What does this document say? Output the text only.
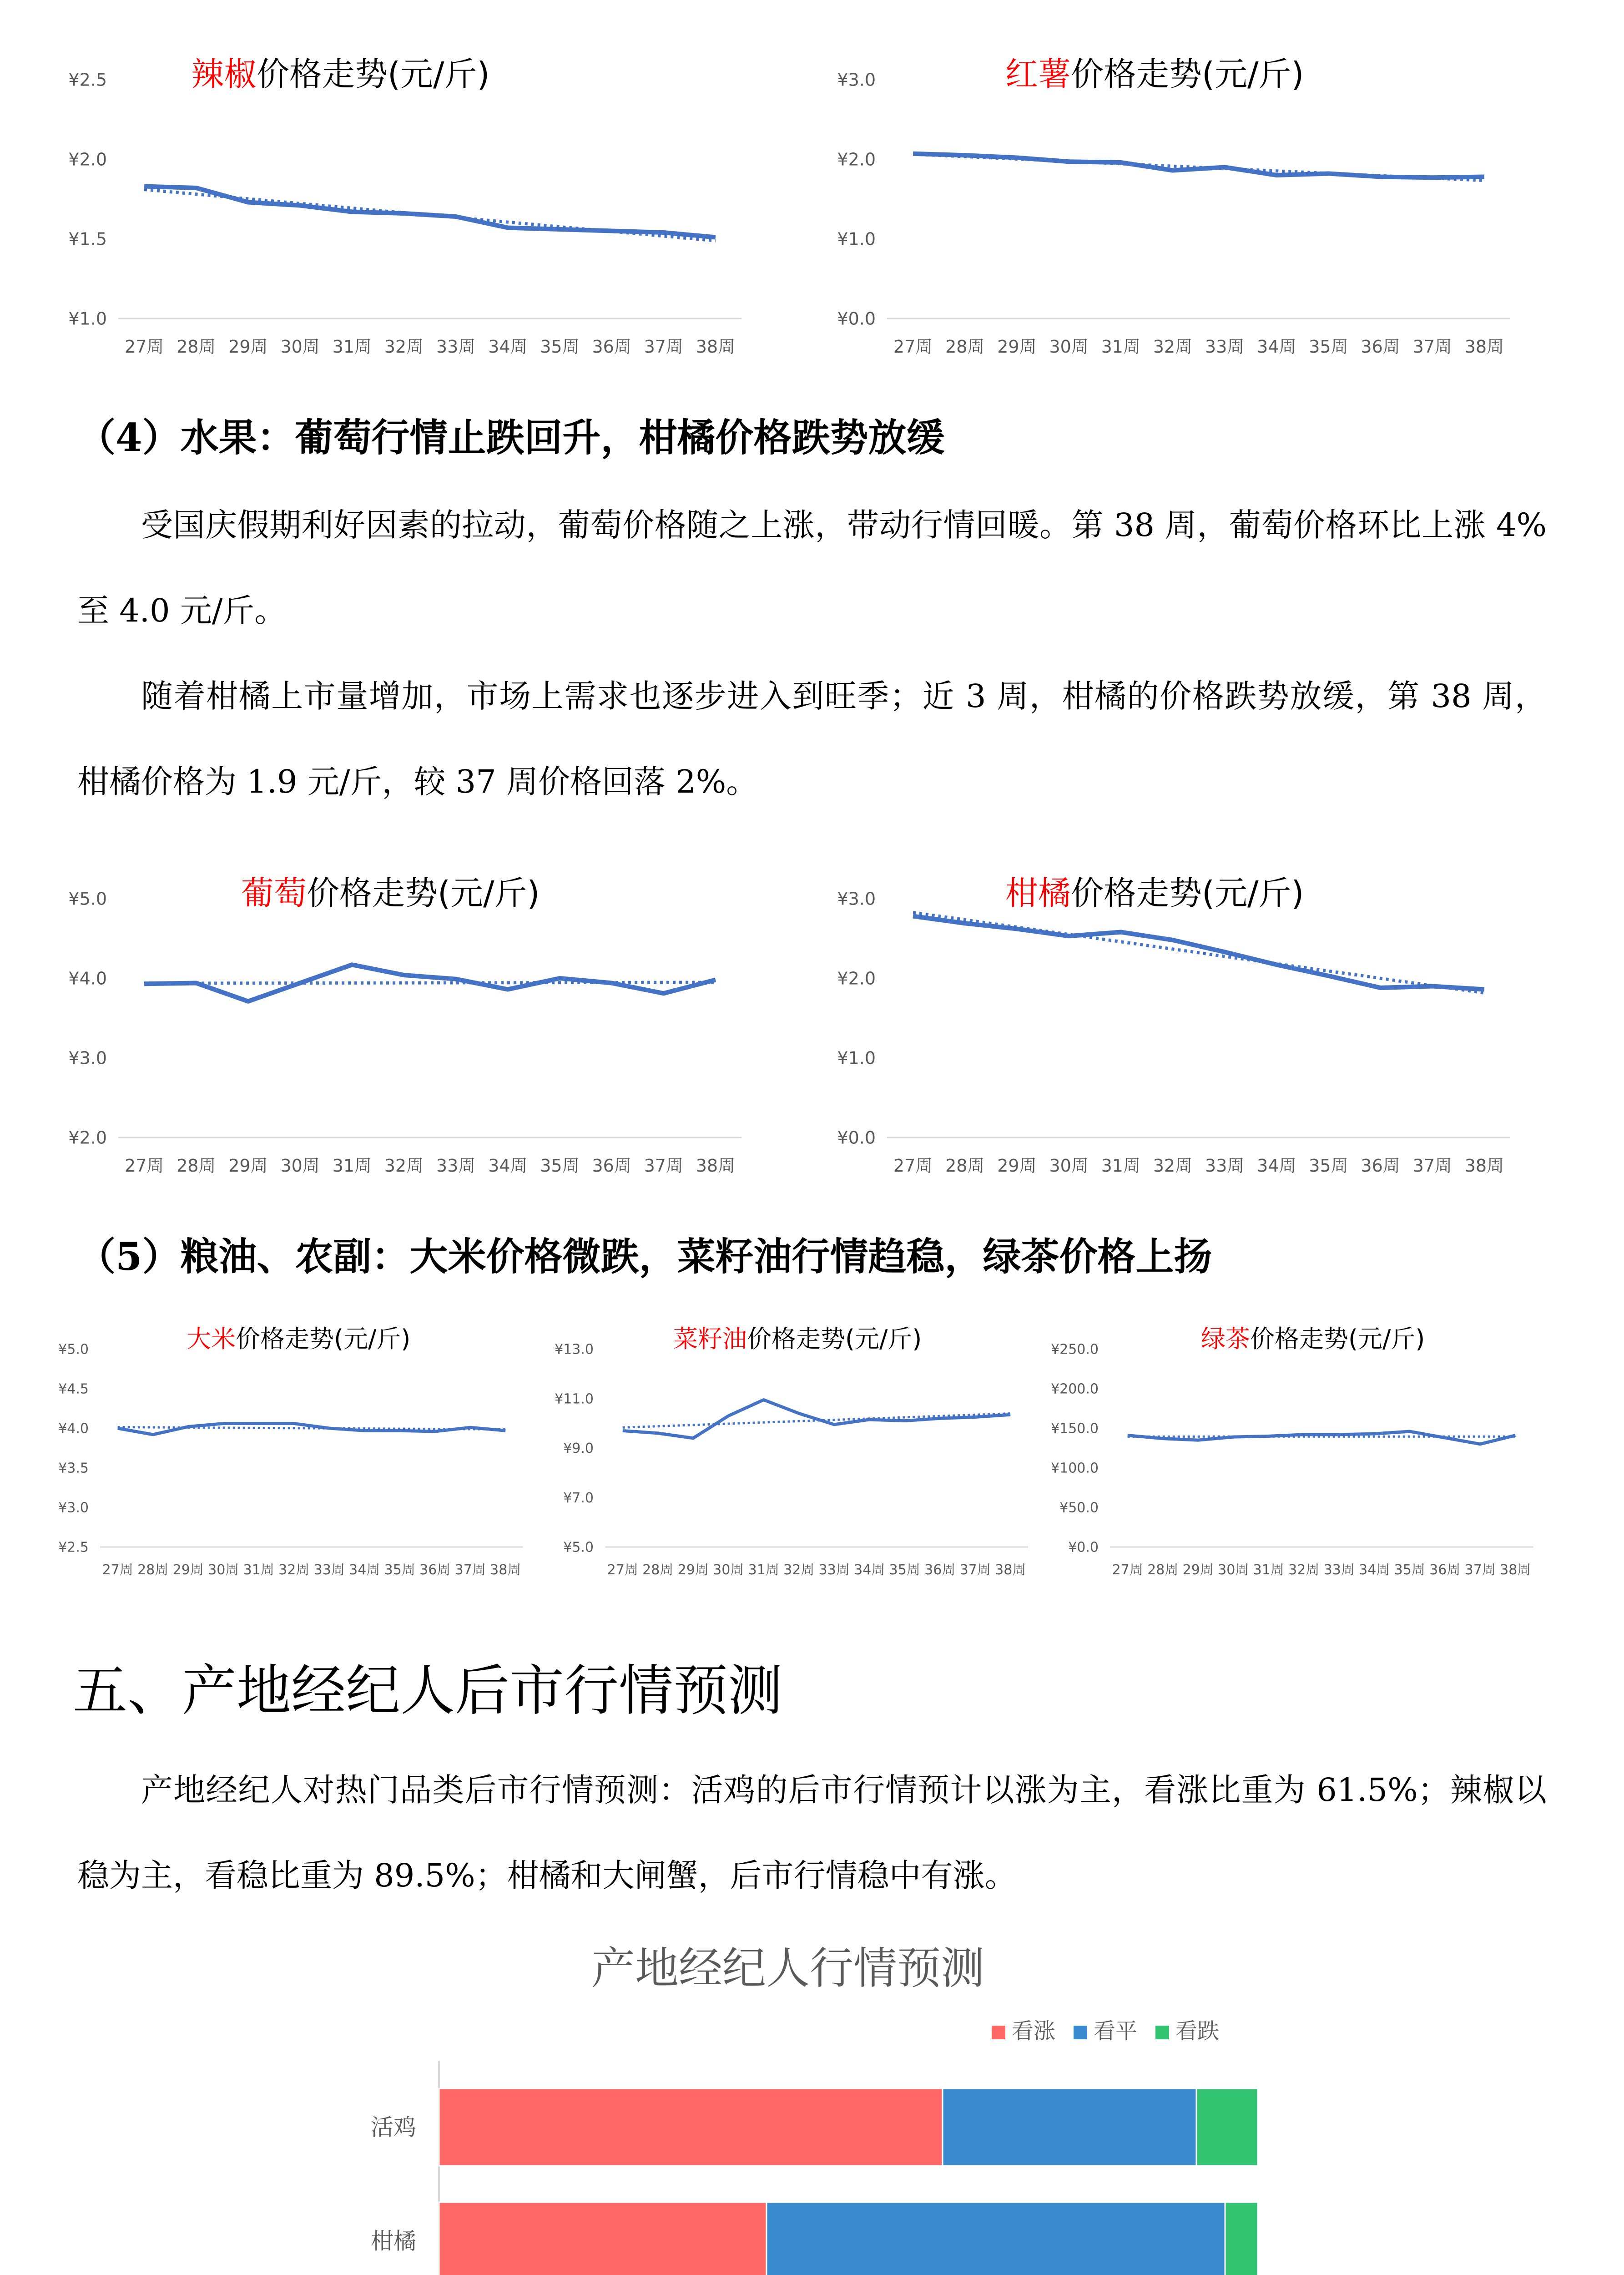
辣椒价格走势(元/斤)
¥2.5
¥2.0
¥1.5
¥1.0
27周 28周 29周 30周 31周 32周 33周 34周 35周 36周 37周 38周
红薯价格走势(元/斤)
¥3.0
¥2.0
¥1.0
¥0.0
27周 28周 29周 30周 31周 32周 33周 34周 35周 36周 37周 38周
（4）水果：葡萄行情止跌回升，柑橘价格跌势放缓

受国庆假期利好因素的拉动，葡萄价格随之上涨，带动行情回暖。第 38 周，葡萄价格环比上涨 4%至 4.0 元/斤。

随着柑橘上市量增加，市场上需求也逐步进入到旺季；近 3 周，柑橘的价格跌势放缓，第 38 周，柑橘价格为 1.9 元/斤，较 37 周价格回落 2%。

葡萄价格走势(元/斤)
¥5.0
¥4.0
¥3.0
¥2.0
27周 28周 29周 30周 31周 32周 33周 34周 35周 36周 37周 38周
柑橘价格走势(元/斤)
¥3.0
¥2.0
¥1.0
¥0.0
27周 28周 29周 30周 31周 32周 33周 34周 35周 36周 37周 38周
（5）粮油、农副：大米价格微跌，菜籽油行情趋稳，绿茶价格上扬
大米价格走势(元/斤)
¥5.0
¥4.5
¥4.0
¥3.5
¥3.0
¥2.5
27周 28周 29周 30周 31周 32周 33周 34周 35周 36周 37周 38周
菜籽油价格走势(元/斤)
¥13.0
¥11.0
¥9.0
¥7.0
¥5.0
27周 28周 29周 30周 31周 32周 33周 34周 35周 36周 37周 38周
绿茶价格走势(元/斤)
¥250.0
¥200.0
¥150.0
¥100.0
¥50.0
¥0.0
27周 28周 29周 30周 31周 32周 33周 34周 35周 36周 37周 38周
五、产地经纪人后市行情预测

产地经纪人对热门品类后市行情预测：活鸡的后市行情预计以涨为主，看涨比重为 61.5%；辣椒以稳为主，看稳比重为 89.5%；柑橘和大闸蟹，后市行情稳中有涨。

产地经纪人行情预测
看涨	看平	看跌
活鸡
柑橘
